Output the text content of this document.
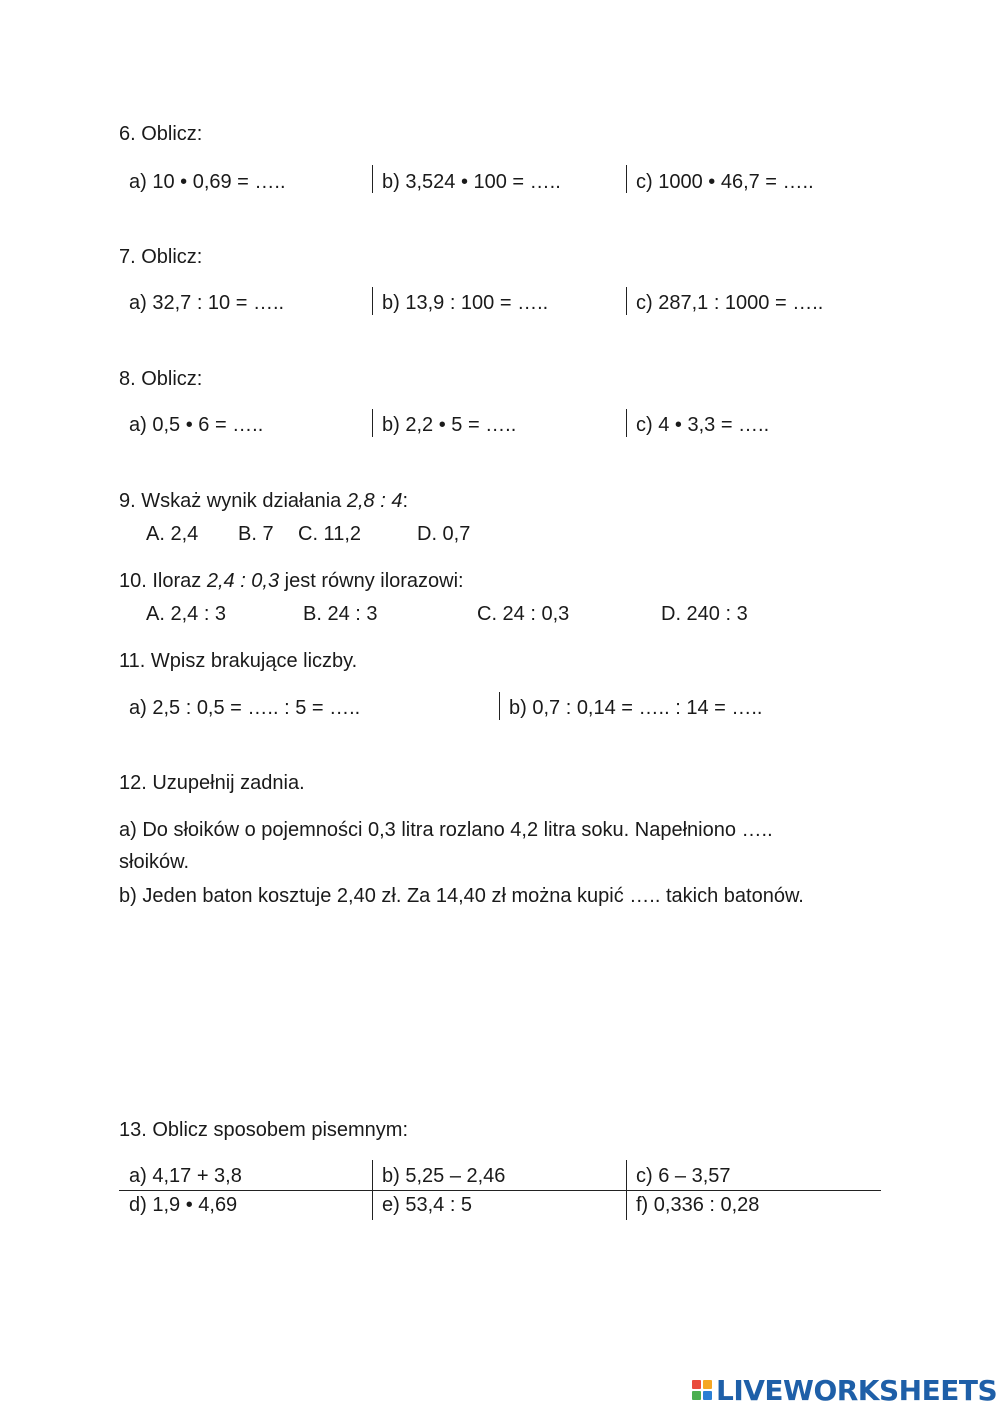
6. Oblicz:
a) 10 • 0,69 = …..	b) 3,524 • 100 = …..	c) 1000 • 46,7 = …..
7. Oblicz:
a) 32,7 : 10 = …..	b) 13,9 : 100 = …..	c) 287,1 : 1000 = …..
8. Oblicz:
a) 0,5 • 6 = …..	b) 2,2 • 5 = …..	c) 4 • 3,3 = …..
9. Wskaż wynik działania 2,8 : 4:
A. 2,4 B. 7 C. 11,2	D. 0,7
10. Iloraz 2,4 : 0,3 jest równy ilorazowi:
A. 2,4 : 3	B. 24 : 3	C. 24 : 0,3	D. 240 : 3
11. Wpisz brakujące liczby.
a) 2,5 : 0,5 = ….. : 5 = …..	b) 0,7 : 0,14 = ….. : 14 = …..
12. Uzupełnij zadnia.
a) Do słoików o pojemności 0,3 litra rozlano 4,2 litra soku. Napełniono …..
słoików.
b) Jeden baton kosztuje 2,40 zł. Za 14,40 zł można kupić ….. takich batonów.
13. Oblicz sposobem pisemnym:
a) 4,17 + 3,8	b) 5,25 – 2,46	c) 6 – 3,57
d) 1,9 • 4,69	e) 53,4 : 5	f) 0,336 : 0,28
LIVEWORKSHEETS
